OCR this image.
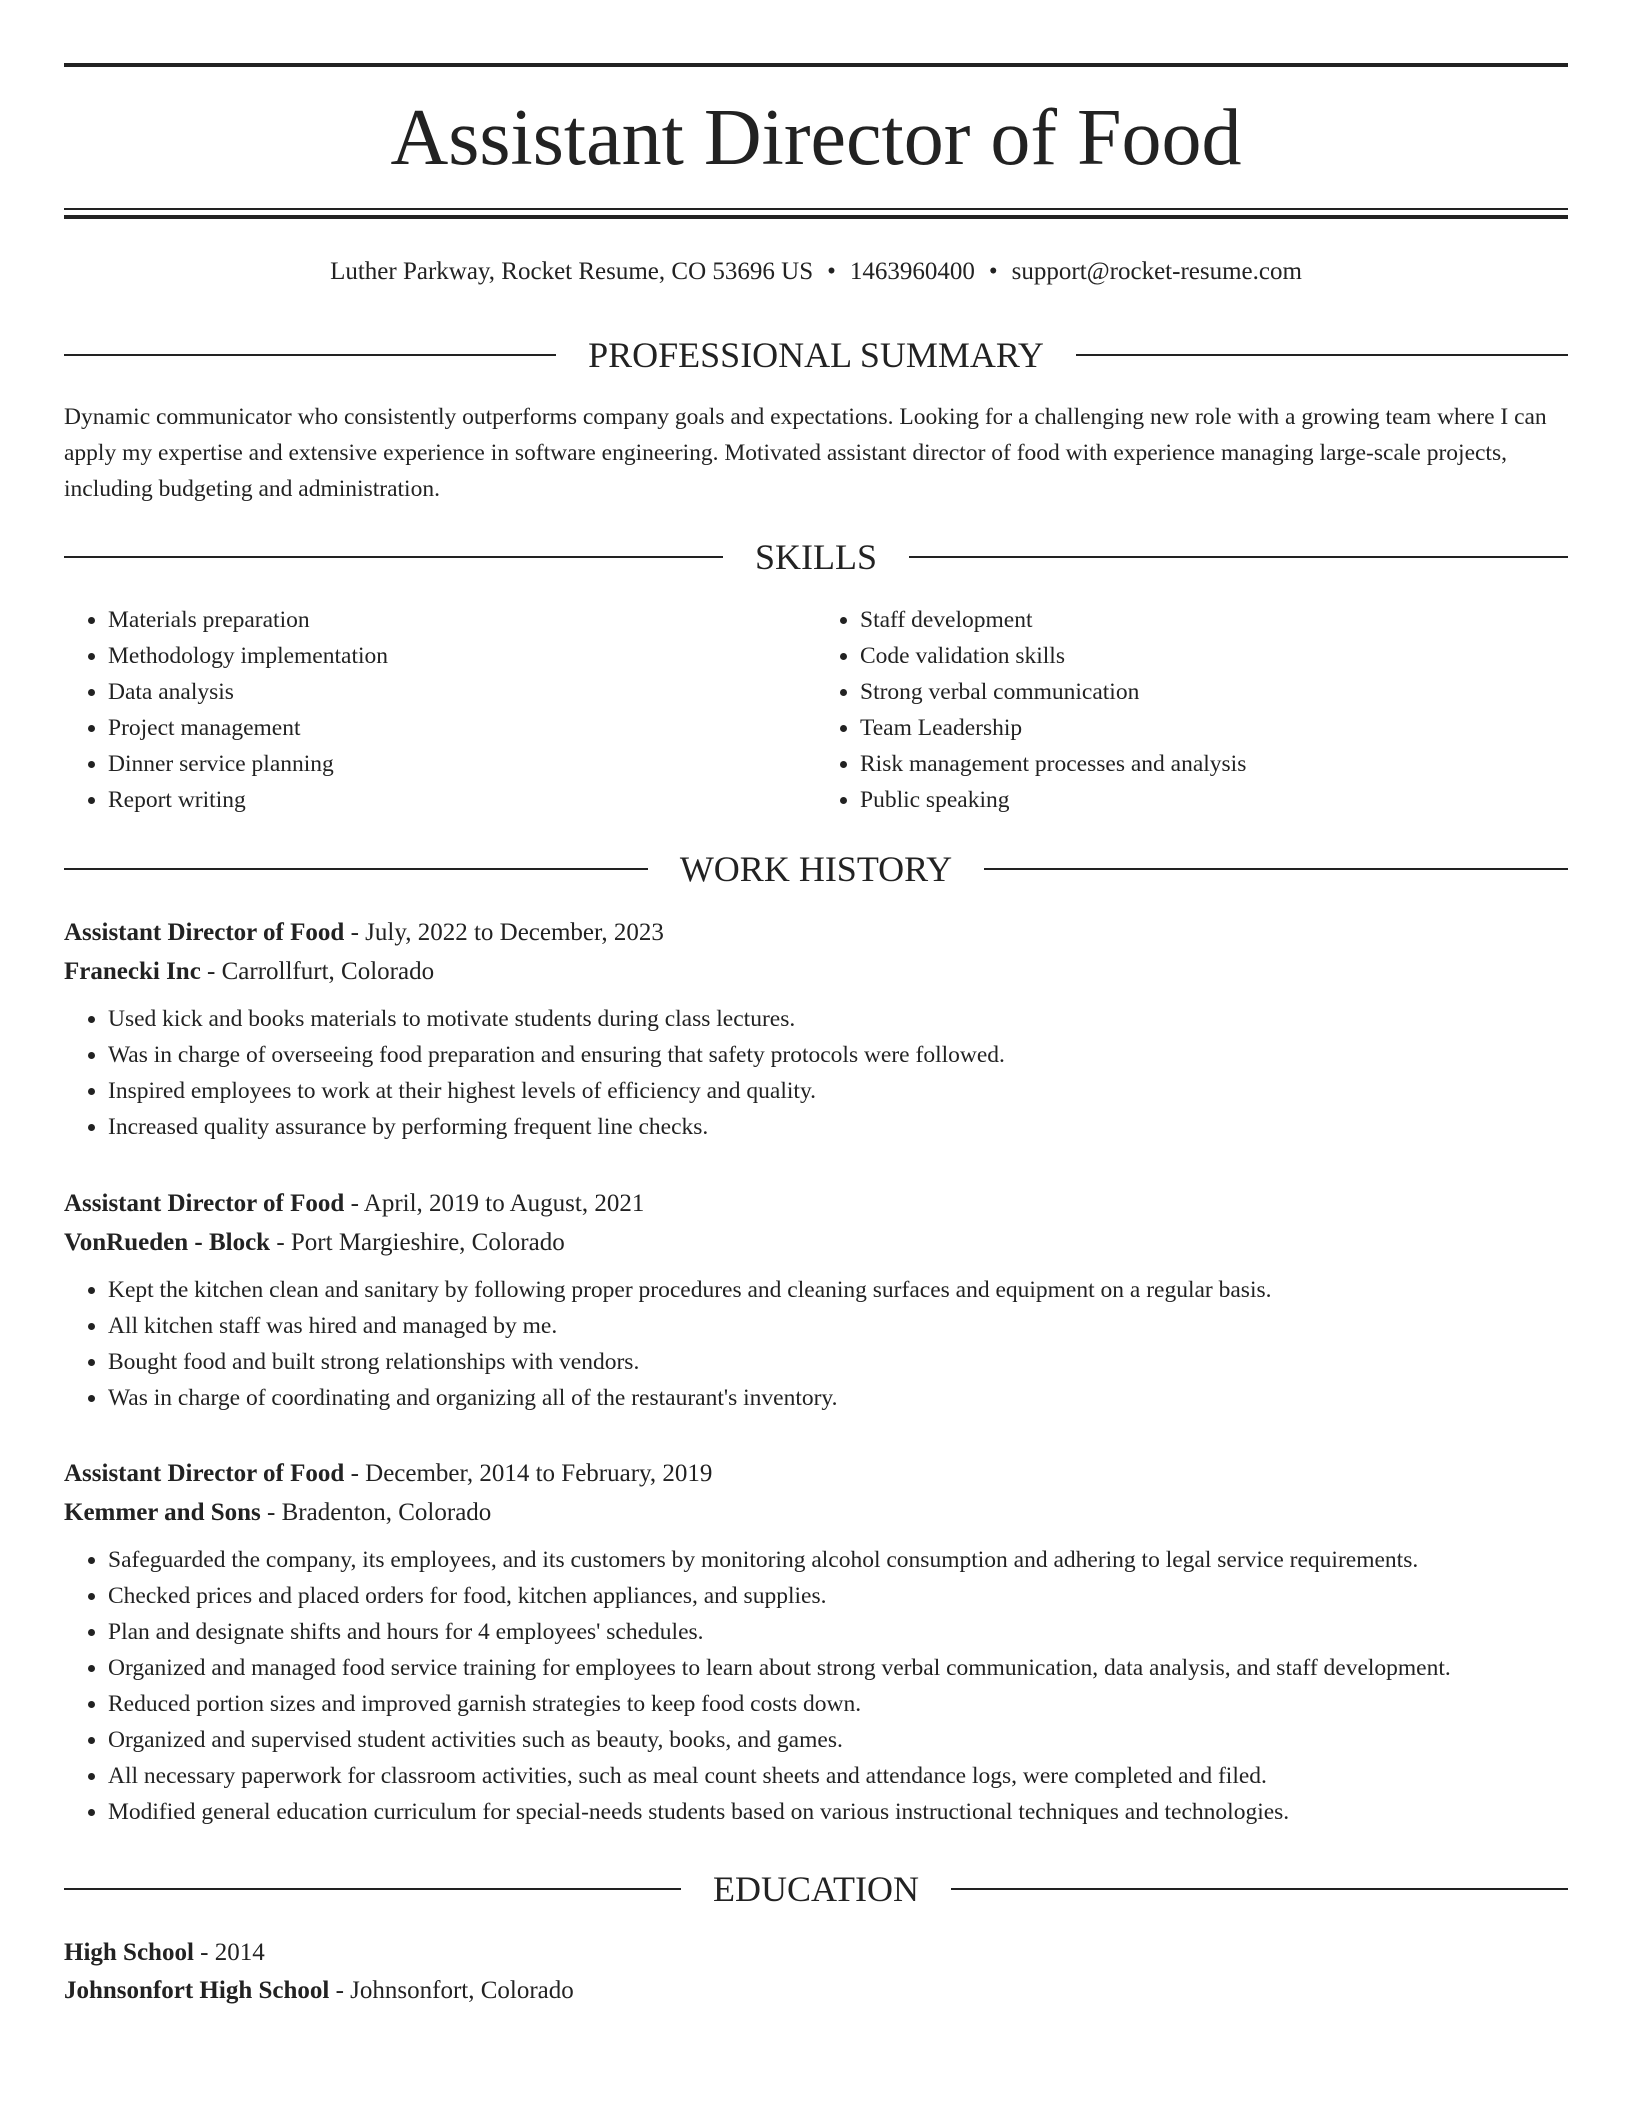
Assistant Director of Food
Luther Parkway, Rocket Resume, CO 53696 US • 1463960400 • support@rocket-resume.com
PROFESSIONAL SUMMARY

Dynamic communicator who consistently outperforms company goals and expectations. Looking for a challenging new role with a growing team where I can apply my expertise and extensive experience in software engineering. Motivated assistant director of food with experience managing large-scale projects, including budgeting and administration.

SKILLS
• Materials preparation
• Methodology implementation
• Data analysis
• Project management
• Dinner service planning
• Report writing
• Staff development
• Code validation skills
• Strong verbal communication
• Team Leadership
• Risk management processes and analysis
• Public speaking
WORK HISTORY
Assistant Director of Food - July, 2022 to December, 2023
Franecki Inc - Carrollfurt, Colorado
• Used kick and books materials to motivate students during class lectures.
• Was in charge of overseeing food preparation and ensuring that safety protocols were followed.
• Inspired employees to work at their highest levels of efficiency and quality.
• Increased quality assurance by performing frequent line checks.
Assistant Director of Food - April, 2019 to August, 2021
VonRueden - Block - Port Margieshire, Colorado
• Kept the kitchen clean and sanitary by following proper procedures and cleaning surfaces and equipment on a regular basis.
• All kitchen staff was hired and managed by me.
• Bought food and built strong relationships with vendors.
• Was in charge of coordinating and organizing all of the restaurant's inventory.
Assistant Director of Food - December, 2014 to February, 2019
Kemmer and Sons - Bradenton, Colorado
• Safeguarded the company, its employees, and its customers by monitoring alcohol consumption and adhering to legal service requirements.
• Checked prices and placed orders for food, kitchen appliances, and supplies.
• Plan and designate shifts and hours for 4 employees' schedules.
• Organized and managed food service training for employees to learn about strong verbal communication, data analysis, and staff development.
• Reduced portion sizes and improved garnish strategies to keep food costs down.
• Organized and supervised student activities such as beauty, books, and games.
• All necessary paperwork for classroom activities, such as meal count sheets and attendance logs, were completed and filed.
• Modified general education curriculum for special-needs students based on various instructional techniques and technologies.
EDUCATION
High School - 2014
Johnsonfort High School - Johnsonfort, Colorado
